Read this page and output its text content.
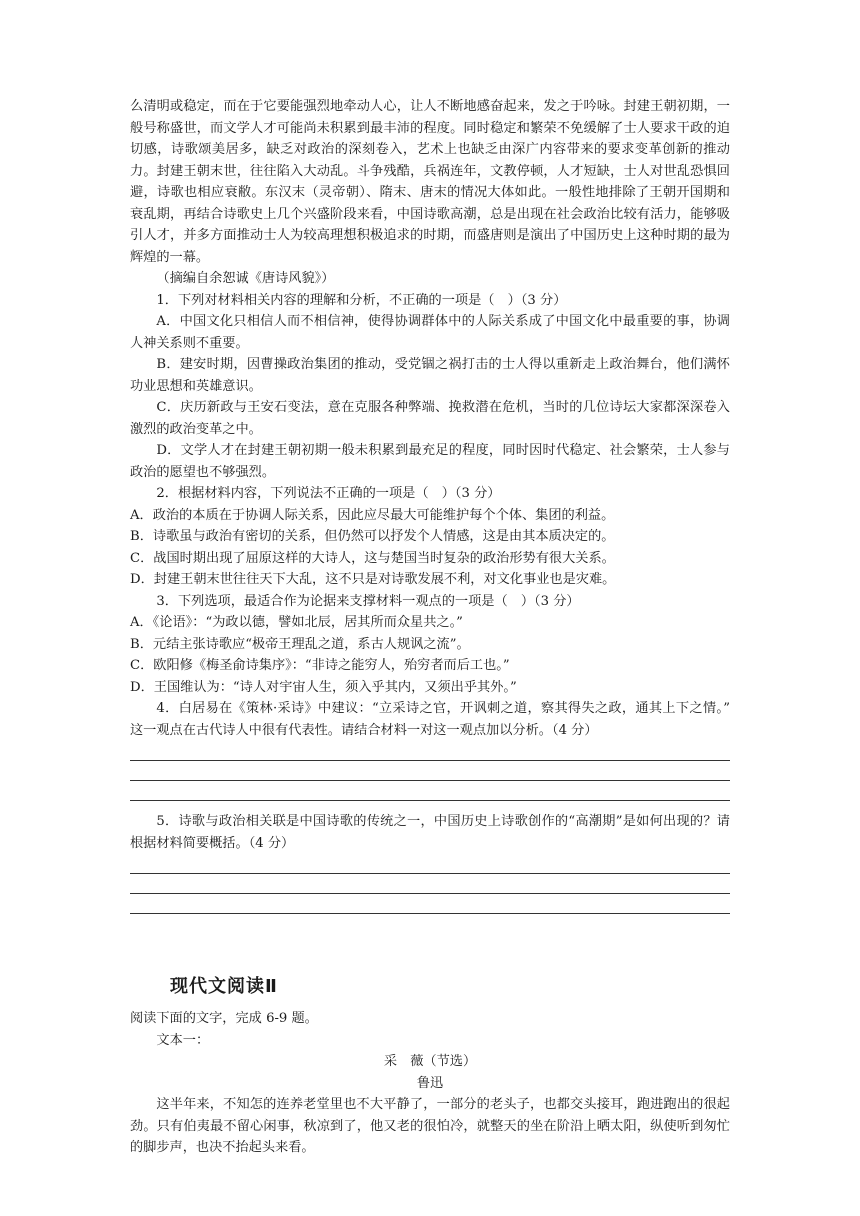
么清明或稳定，而在于它要能强烈地牵动人心，让人不断地感奋起来，发之于吟咏。封建王朝初期，一般号称盛世，而文学人才可能尚未积累到最丰沛的程度。同时稳定和繁荣不免缓解了士人要求干政的迫切感，诗歌颂美居多，缺乏对政治的深刻卷入，艺术上也缺乏由深广内容带来的要求变革创新的推动力。封建王朝末世，往往陷入大动乱。斗争残酷，兵祸连年，文教停顿，人才短缺，士人对世乱恐惧回避，诗歌也相应衰敝。东汉末（灵帝朝）、隋末、唐末的情况大体如此。一般性地排除了王朝开国期和衰乱期，再结合诗歌史上几个兴盛阶段来看，中国诗歌高潮，总是出现在社会政治比较有活力，能够吸引人才，并多方面推动士人为较高理想积极追求的时期，而盛唐则是演出了中国历史上这种时期的最为辉煌的一幕。

（摘编自余恕诚《唐诗风貌》）

1．下列对材料相关内容的理解和分析，不正确的一项是（　）（3 分）

A．中国文化只相信人而不相信神，使得协调群体中的人际关系成了中国文化中最重要的事，协调人神关系则不重要。

B．建安时期，因曹操政治集团的推动，受党锢之祸打击的士人得以重新走上政治舞台，他们满怀功业思想和英雄意识。

C．庆历新政与王安石变法，意在克服各种弊端、挽救潜在危机，当时的几位诗坛大家都深深卷入激烈的政治变革之中。

D．文学人才在封建王朝初期一般未积累到最充足的程度，同时因时代稳定、社会繁荣，士人参与政治的愿望也不够强烈。

2．根据材料内容，下列说法不正确的一项是（　）（3 分）

A．政治的本质在于协调人际关系，因此应尽最大可能维护每个个体、集团的利益。

B．诗歌虽与政治有密切的关系，但仍然可以抒发个人情感，这是由其本质决定的。

C．战国时期出现了屈原这样的大诗人，这与楚国当时复杂的政治形势有很大关系。

D．封建王朝末世往往天下大乱，这不只是对诗歌发展不利，对文化事业也是灾难。

3．下列选项，最适合作为论据来支撑材料一观点的一项是（　）（3 分）

A．《论语》：“为政以德，譬如北辰，居其所而众星共之。”

B．元结主张诗歌应“极帝王理乱之道，系古人规讽之流”。

C．欧阳修《梅圣俞诗集序》：“非诗之能穷人，殆穷者而后工也。”

D．王国维认为：“诗人对宇宙人生，须入乎其内，又须出乎其外。”

4．白居易在《策林·采诗》中建议：“立采诗之官，开讽刺之道，察其得失之政，通其上下之情。” 这一观点在古代诗人中很有代表性。请结合材料一对这一观点加以分析。（4 分）

5．诗歌与政治相关联是中国诗歌的传统之一，中国历史上诗歌创作的“高潮期”是如何出现的？请根据材料简要概括。（4 分）

现代文阅读Ⅱ

阅读下面的文字，完成 6-9 题。

文本一：

采　薇（节选）

鲁迅

这半年来，不知怎的连养老堂里也不大平静了，一部分的老头子，也都交头接耳，跑进跑出的很起劲。只有伯夷最不留心闲事，秋凉到了，他又老的很怕冷，就整天的坐在阶沿上晒太阳，纵使听到匆忙的脚步声，也决不抬起头来看。
